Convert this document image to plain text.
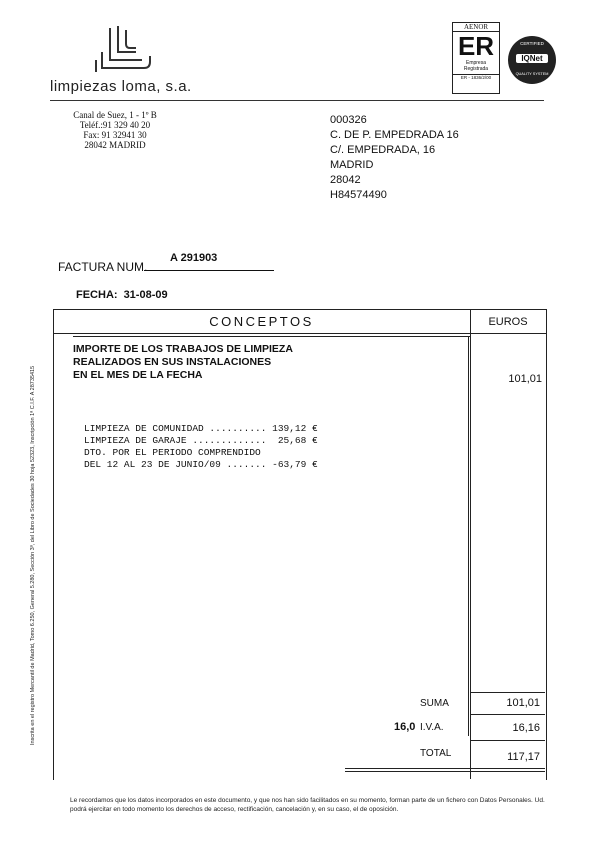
limpiezas loma, s.a.
AENOR
ER
Empresa
Registrada
ER - 1836/2/00
CERTIFIED
IQNet
QUALITY SYSTEM
Canal de Suez, 1 - 1º B
Teléf.:91 329 40 20
Fax: 91 32941 30
28042 MADRID
000326
C. DE P. EMPEDRADA 16
C/. EMPEDRADA, 16
MADRID
28042
H84574490
FACTURA NUM.
A 291903
FECHA: 31-08-09
CONCEPTOS	EUROS
IMPORTE DE LOS TRABAJOS DE LIMPIEZA
REALIZADOS EN SUS INSTALACIONES
EN EL MES DE LA FECHA	101,01
LIMPIEZA DE COMUNIDAD .......... 139,12 €
LIMPIEZA DE GARAJE .............  25,68 €
DTO. POR EL PERIODO COMPRENDIDO
DEL 12 AL 23 DE JUNIO/09 ....... -63,79 €
SUMA	101,01
16,0 I.V.A.	16,16
TOTAL	117,17
Inscrita en el registro Mercantil de Madrid, Tomo 6.250, General 5.280, Sección 3ª, del Libro de Sociedades 30 hoja 52323, Inscripción 1ª C.I.F. A 28735415
Le recordamos que los datos incorporados en este documento, y que nos han sido facilitados en su momento, forman parte de un fichero con Datos Personales. Ud. podrá ejercitar en todo momento los derechos de acceso, rectificación, cancelación y, en su caso, el de oposición.
